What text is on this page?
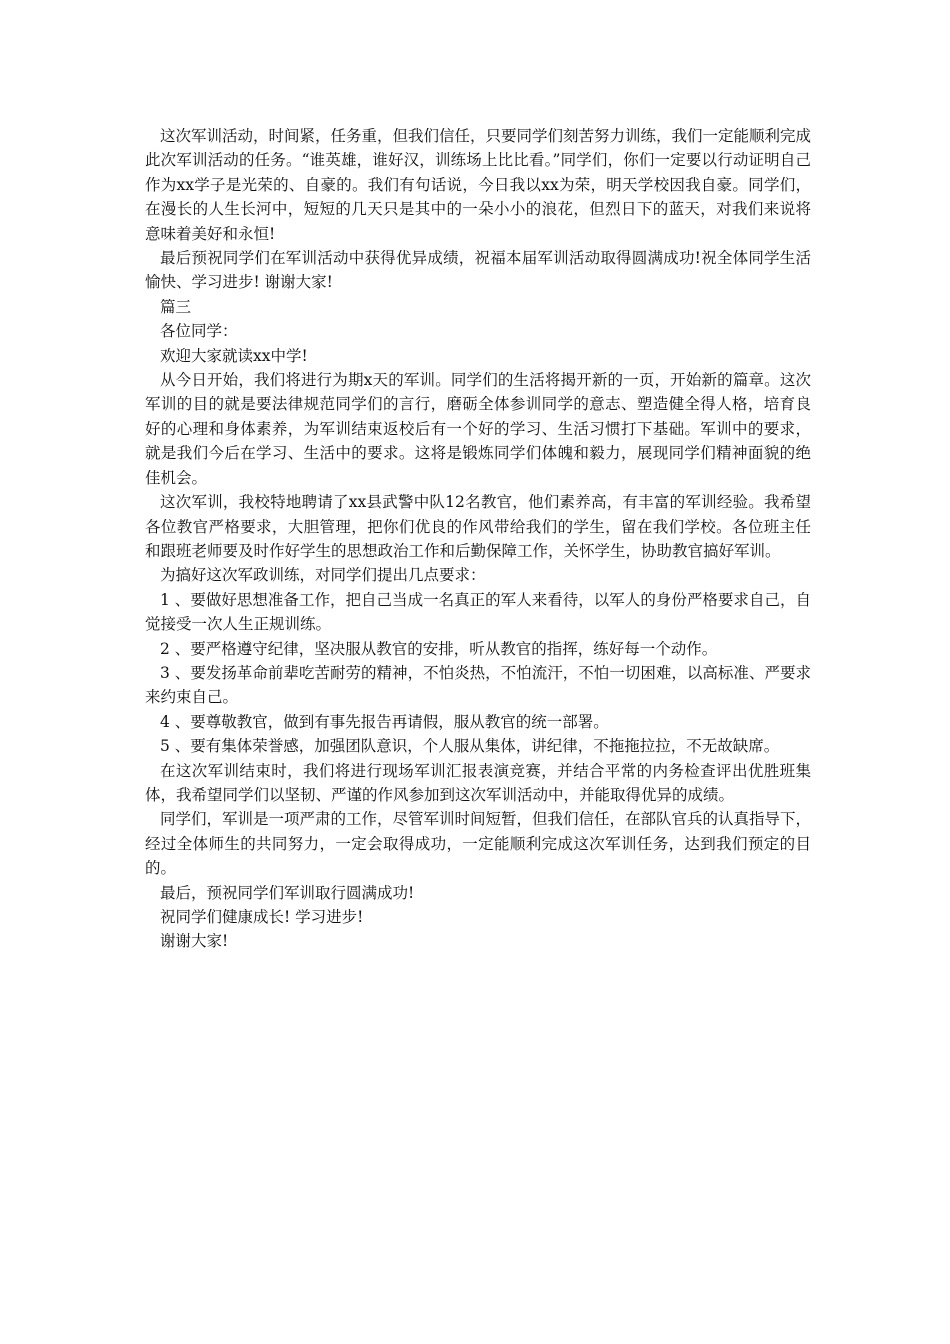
这次军训活动，时间紧，任务重，但我们信任，只要同学们刻苦努力训练，我们一定能顺利完成此次军训活动的任务。“谁英雄，谁好汉，训练场上比比看。”同学们，你们一定要以行动证明自己作为xx学子是光荣的、自豪的。我们有句话说，今日我以xx为荣，明天学校因我自豪。同学们，在漫长的人生长河中，短短的几天只是其中的一朵小小的浪花，但烈日下的蓝天，对我们来说将意味着美好和永恒!

最后预祝同学们在军训活动中获得优异成绩，祝福本届军训活动取得圆满成功!祝全体同学生活愉快、学习进步! 谢谢大家!

篇三

各位同学：

欢迎大家就读xx中学!

从今日开始，我们将进行为期x天的军训。同学们的生活将揭开新的一页，开始新的篇章。这次军训的目的就是要法律规范同学们的言行，磨砺全体参训同学的意志、塑造健全得人格，培育良好的心理和身体素养，为军训结束返校后有一个好的学习、生活习惯打下基础。军训中的要求，就是我们今后在学习、生活中的要求。这将是锻炼同学们体魄和毅力，展现同学们精神面貌的绝佳机会。

这次军训，我校特地聘请了xx县武警中队12名教官，他们素养高，有丰富的军训经验。我希望各位教官严格要求，大胆管理，把你们优良的作风带给我们的学生，留在我们学校。各位班主任和跟班老师要及时作好学生的思想政治工作和后勤保障工作，关怀学生，协助教官搞好军训。

为搞好这次军政训练，对同学们提出几点要求：

1 、要做好思想准备工作，把自己当成一名真正的军人来看待，以军人的身份严格要求自己，自觉接受一次人生正规训练。

2 、要严格遵守纪律，坚决服从教官的安排，听从教官的指挥，练好每一个动作。

3 、要发扬革命前辈吃苦耐劳的精神，不怕炎热，不怕流汗，不怕一切困难，以高标准、严要求来约束自己。

4 、要尊敬教官，做到有事先报告再请假，服从教官的统一部署。

5 、要有集体荣誉感，加强团队意识，个人服从集体，讲纪律，不拖拖拉拉，不无故缺席。

在这次军训结束时，我们将进行现场军训汇报表演竞赛，并结合平常的内务检查评出优胜班集体，我希望同学们以坚韧、严谨的作风参加到这次军训活动中，并能取得优异的成绩。

同学们，军训是一项严肃的工作，尽管军训时间短暂，但我们信任，在部队官兵的认真指导下，经过全体师生的共同努力，一定会取得成功，一定能顺利完成这次军训任务，达到我们预定的目的。

最后，预祝同学们军训取行圆满成功!

祝同学们健康成长! 学习进步!

谢谢大家!
